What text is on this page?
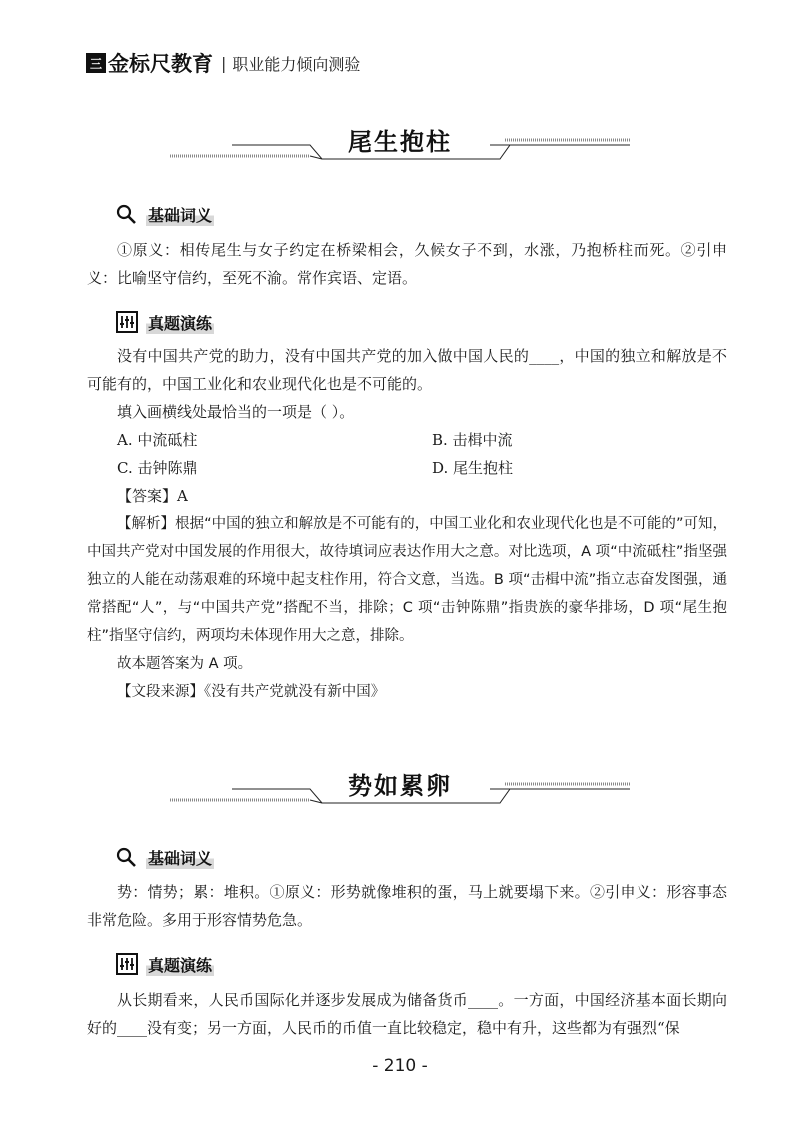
三 金标尺教育 | 职业能力倾向测验
尾生抱柱
基础词义
①原义：相传尾生与女子约定在桥梁相会，久候女子不到，水涨，乃抱桥柱而死。②引申义：比喻坚守信约，至死不渝。常作宾语、定语。
真题演练
没有中国共产党的助力，没有中国共产党的加入做中国人民的____，中国的独立和解放是不可能有的，中国工业化和农业现代化也是不可能的。
填入画横线处最恰当的一项是（ ）。
A. 中流砥柱	B. 击楫中流
C. 击钟陈鼎	D. 尾生抱柱
【答案】A
【解析】根据“中国的独立和解放是不可能有的，中国工业化和农业现代化也是不可能的”可知，中国共产党对中国发展的作用很大，故待填词应表达作用大之意。对比选项，A 项“中流砥柱”指坚强独立的人能在动荡艰难的环境中起支柱作用，符合文意，当选。B 项“击楫中流”指立志奋发图强，通常搭配“人”，与“中国共产党”搭配不当，排除；C 项“击钟陈鼎”指贵族的豪华排场，D 项“尾生抱柱”指坚守信约，两项均未体现作用大之意，排除。
故本题答案为 A 项。
【文段来源】《没有共产党就没有新中国》
势如累卵
基础词义
势：情势；累：堆积。①原义：形势就像堆积的蛋，马上就要塌下来。②引申义：形容事态非常危险。多用于形容情势危急。
真题演练
从长期看来，人民币国际化并逐步发展成为储备货币____。一方面，中国经济基本面长期向好的____没有变；另一方面，人民币的币值一直比较稳定，稳中有升，这些都为有强烈“保
- 210 -
